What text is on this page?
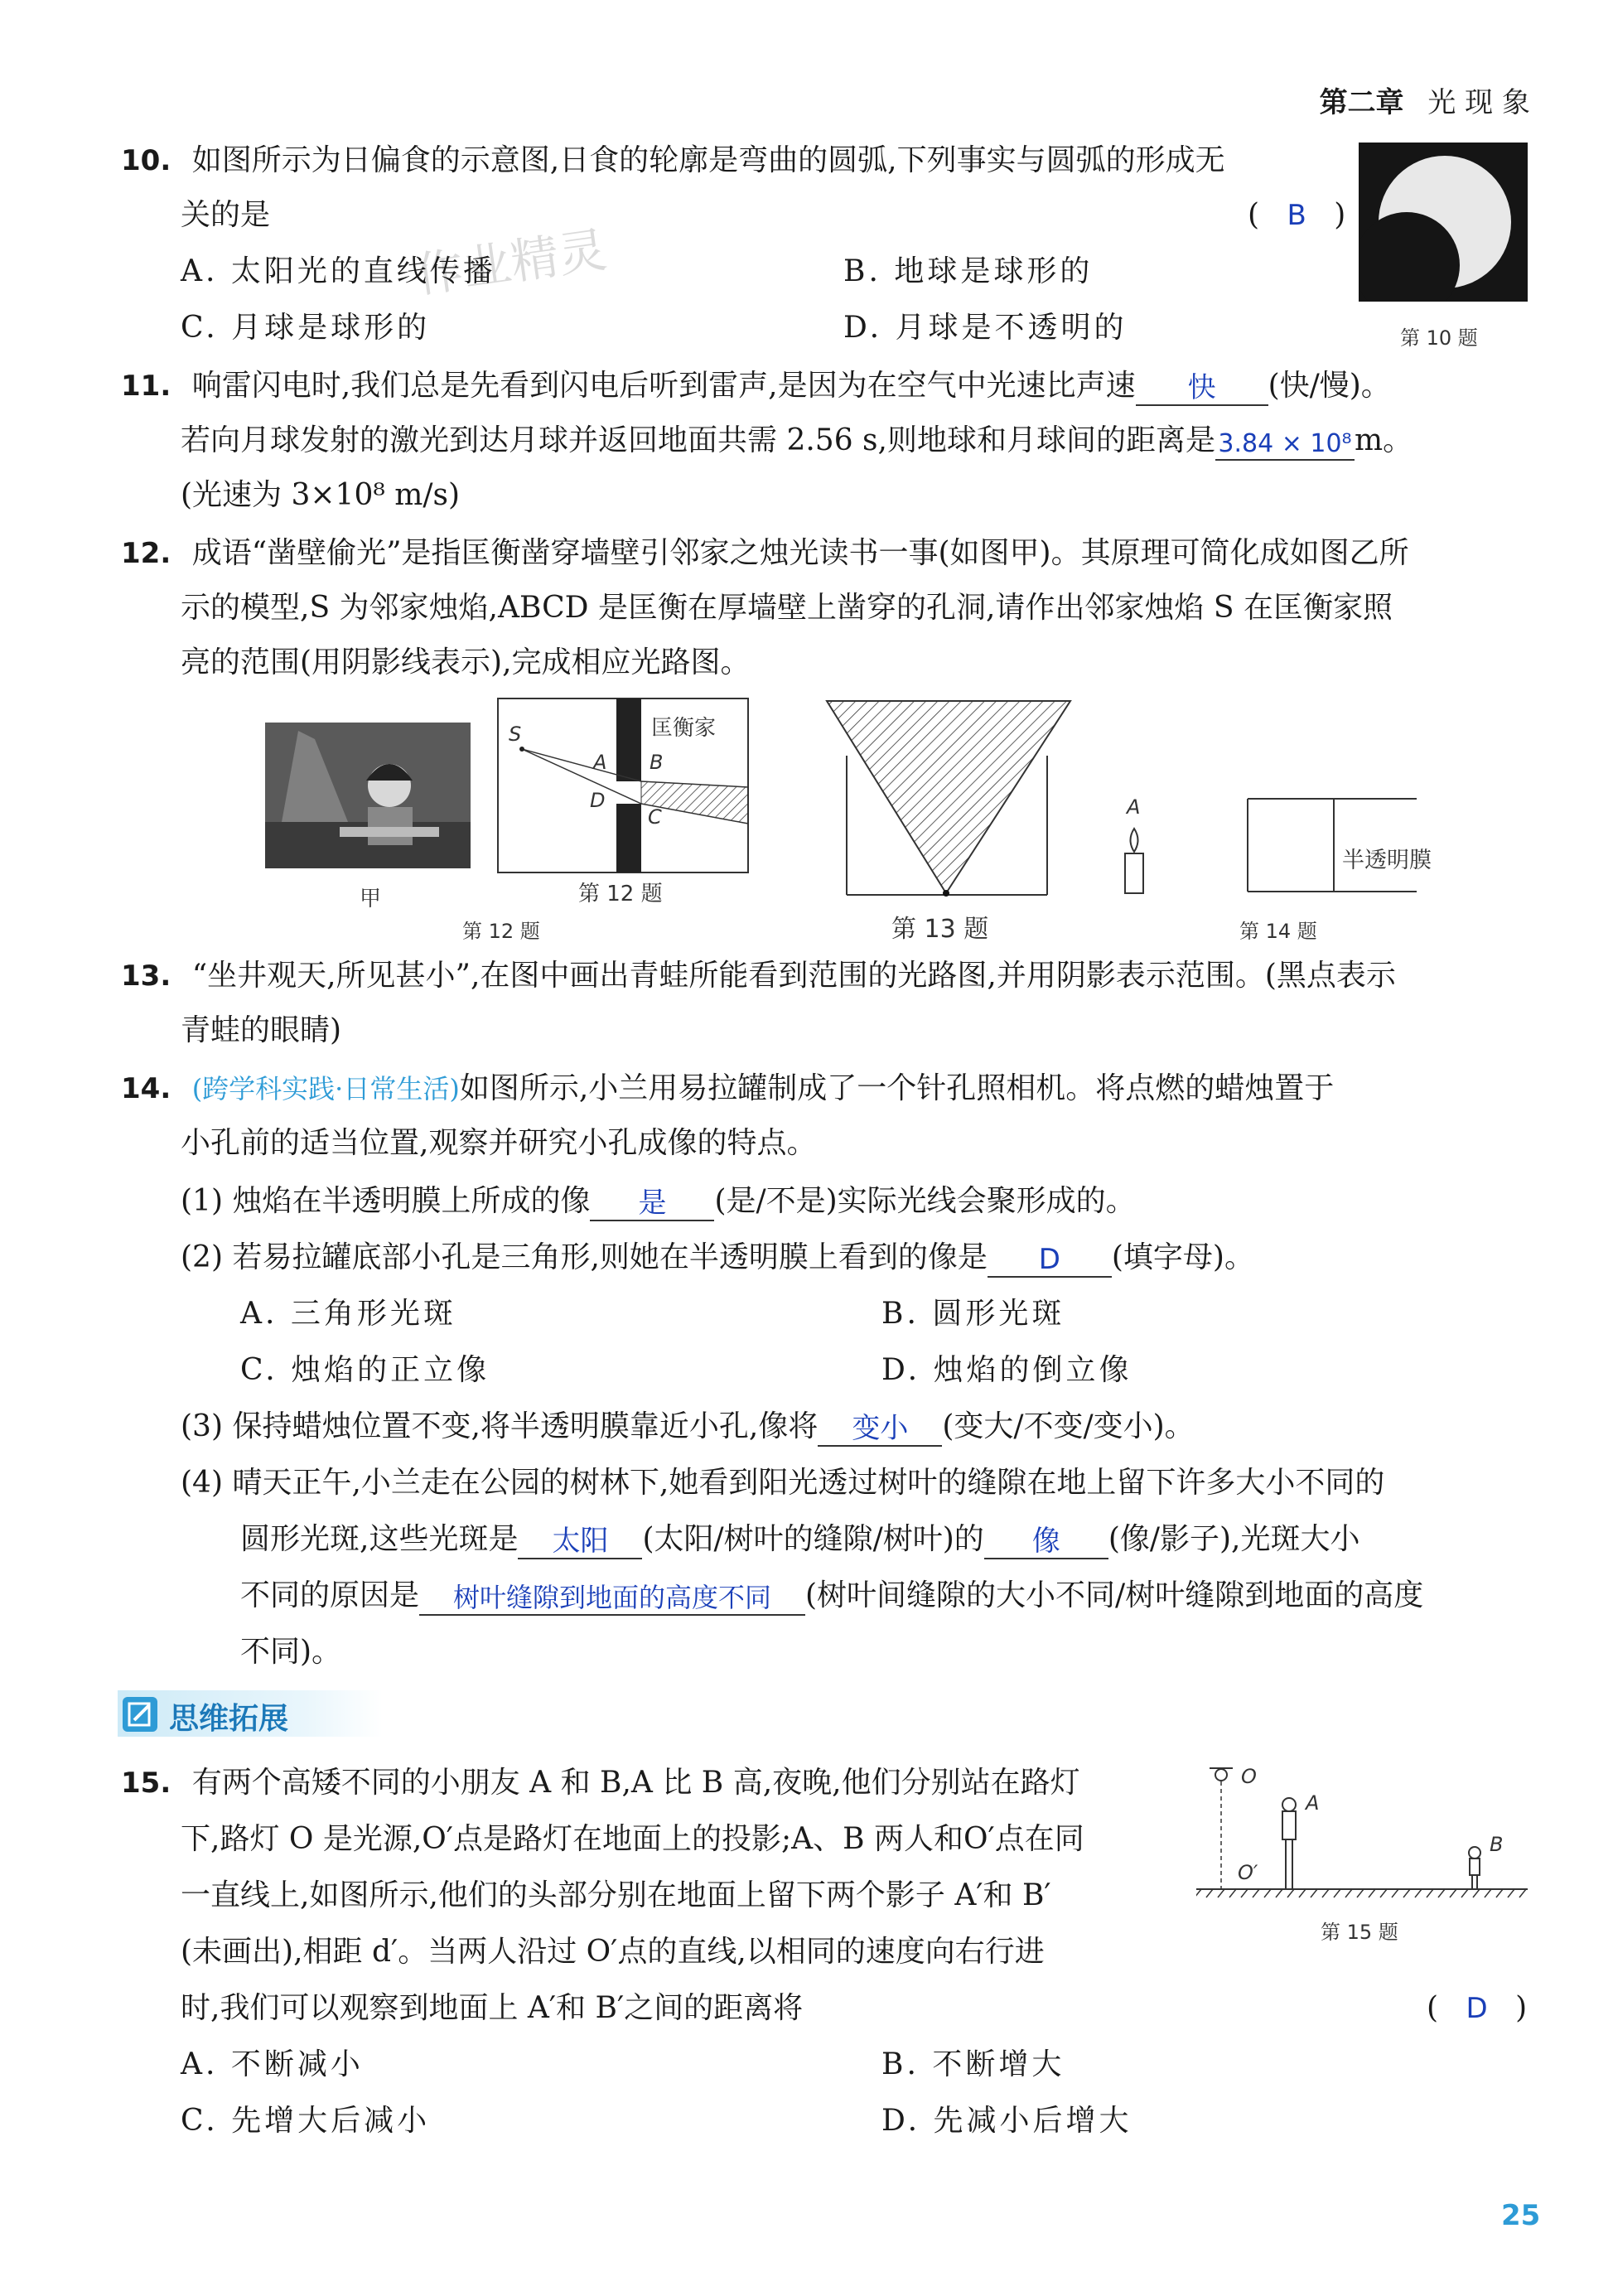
第二章 光 现 象
作业精灵
10. 如图所示为日偏食的示意图,日食的轮廓是弯曲的圆弧,下列事实与圆弧的形成无
关的是	( B )
A. 太阳光的直线传播	B. 地球是球形的
C. 月球是球形的	D. 月球是不透明的	第 10 题
11. 响雷闪电时,我们总是先看到闪电后听到雷声,是因为在空气中光速比声速 快 (快/慢)。
若向月球发射的激光到达月球并返回地面共需 2.56 s,则地球和月球间的距离是 3.84 × 10⁸m。
(光速为 3×10⁸ m/s)
12. 成语“凿壁偷光”是指匡衡凿穿墙壁引邻家之烛光读书一事(如图甲)。其原理可简化成如图乙所
示的模型,S 为邻家烛焰,ABCD 是匡衡在厚墙壁上凿穿的孔洞,请作出邻家烛焰 S 在匡衡家照
亮的范围(用阴影线表示),完成相应光路图。
甲
匡衡家
S
A B
D
C
第 12 题
第 12 题	第 13 题
A
半透明膜
第 14 题
13. “坐井观天,所见甚小”,在图中画出青蛙所能看到范围的光路图,并用阴影表示范围。(黑点表示
青蛙的眼睛)
14. (跨学科实践·日常生活)如图所示,小兰用易拉罐制成了一个针孔照相机。将点燃的蜡烛置于
小孔前的适当位置,观察并研究小孔成像的特点。
(1) 烛焰在半透明膜上所成的像 是 (是/不是)实际光线会聚形成的。
(2) 若易拉罐底部小孔是三角形,则她在半透明膜上看到的像是 D (填字母)。
A. 三角形光斑	B. 圆形光斑
C. 烛焰的正立像	D. 烛焰的倒立像
(3) 保持蜡烛位置不变,将半透明膜靠近小孔,像将 变小 (变大/不变/变小)。
(4) 晴天正午,小兰走在公园的树林下,她看到阳光透过树叶的缝隙在地上留下许多大小不同的
圆形光斑,这些光斑是 太阳 (太阳/树叶的缝隙/树叶)的 像 (像/影子),光斑大小
不同的原因是 树叶缝隙到地面的高度不同 (树叶间缝隙的大小不同/树叶缝隙到地面的高度
不同)。
思维拓展
15. 有两个高矮不同的小朋友 A 和 B,A 比 B 高,夜晚,他们分别站在路灯
下,路灯 O 是光源,O′点是路灯在地面上的投影;A、B 两人和O′点在同
一直线上,如图所示,他们的头部分别在地面上留下两个影子 A′和 B′
(未画出),相距 d′。当两人沿过 O′点的直线,以相同的速度向右行进
时,我们可以观察到地面上 A′和 B′之间的距离将	( D )
A. 不断减小	B. 不断增大
C. 先增大后减小	D. 先减小后增大
O
A
B
O′
第 15 题
25
